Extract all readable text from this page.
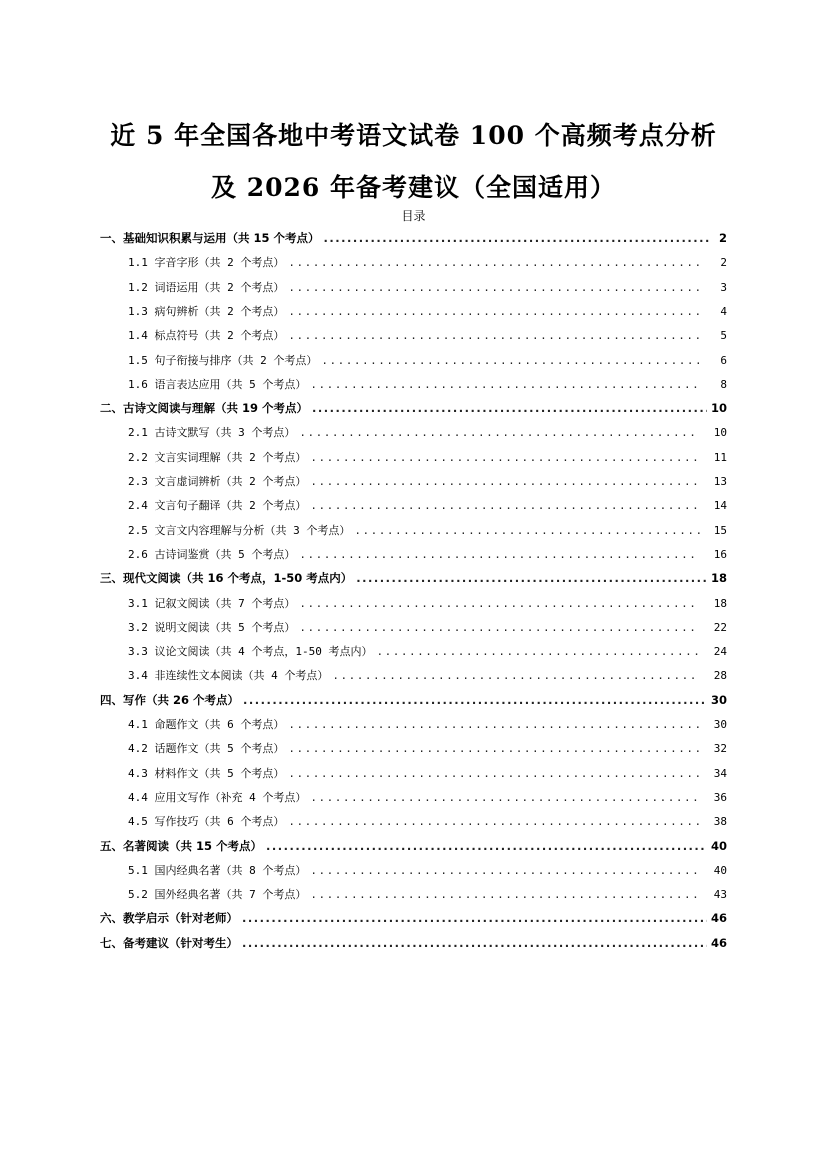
近 5 年全国各地中考语文试卷 100 个高频考点分析
及 2026 年备考建议（全国适用）
目录
一、基础知识积累与运用（共 15 个考点） .....	2
1.1 字音字形（共 2 个考点） .....	2
1.2 词语运用（共 2 个考点） .....	3
1.3 病句辨析（共 2 个考点） .....	4
1.4 标点符号（共 2 个考点） .....	5
1.5 句子衔接与排序（共 2 个考点） .....	6
1.6 语言表达应用（共 5 个考点） .....	8
二、古诗文阅读与理解（共 19 个考点） .....	10
2.1 古诗文默写（共 3 个考点） .....	10
2.2 文言实词理解（共 2 个考点） .....	11
2.3 文言虚词辨析（共 2 个考点） .....	13
2.4 文言句子翻译（共 2 个考点） .....	14
2.5 文言文内容理解与分析（共 3 个考点） .....	15
2.6 古诗词鉴赏（共 5 个考点） .....	16
三、现代文阅读（共 16 个考点，1-50 考点内） .....	18
3.1 记叙文阅读（共 7 个考点） .....	18
3.2 说明文阅读（共 5 个考点） .....	22
3.3 议论文阅读（共 4 个考点，1-50 考点内） .....	24
3.4 非连续性文本阅读（共 4 个考点） .....	28
四、写作（共 26 个考点） .....	30
4.1 命题作文（共 6 个考点） .....	30
4.2 话题作文（共 5 个考点） .....	32
4.3 材料作文（共 5 个考点） .....	34
4.4 应用文写作（补充 4 个考点） .....	36
4.5 写作技巧（共 6 个考点） .....	38
五、名著阅读（共 15 个考点） .....	40
5.1 国内经典名著（共 8 个考点） .....	40
5.2 国外经典名著（共 7 个考点） .....	43
六、教学启示（针对老师） .....	46
七、备考建议（针对考生） .....	46
